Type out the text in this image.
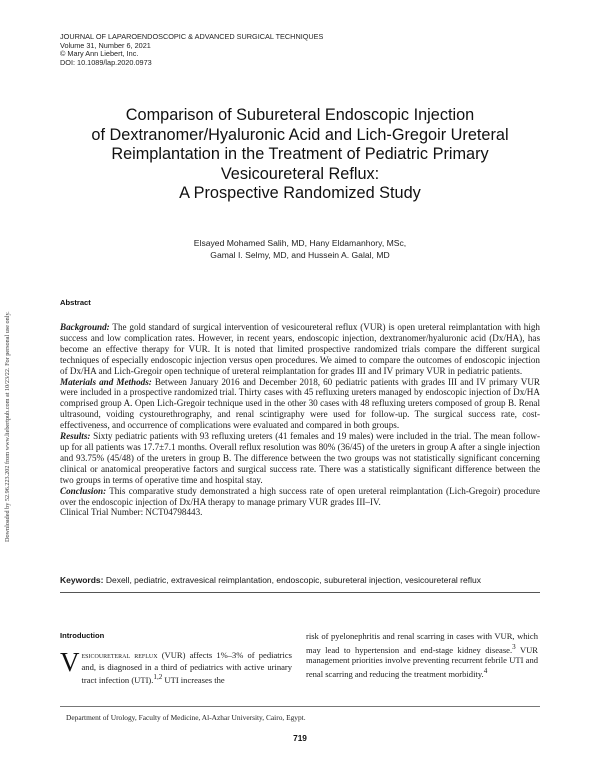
JOURNAL OF LAPAROENDOSCOPIC & ADVANCED SURGICAL TECHNIQUES
Volume 31, Number 6, 2021
© Mary Ann Liebert, Inc.
DOI: 10.1089/lap.2020.0973
Downloaded by 52.96.223.202 from www.liebertpub.com at 10/23/22. For personal use only.
Comparison of Subureteral Endoscopic Injection
of Dextranomer/Hyaluronic Acid and Lich-Gregoir Ureteral
Reimplantation in the Treatment of Pediatric Primary
Vesicoureteral Reflux:
A Prospective Randomized Study
Elsayed Mohamed Salih, MD, Hany Eldamanhory, MSc,
Gamal I. Selmy, MD, and Hussein A. Galal, MD
Abstract

Background: The gold standard of surgical intervention of vesicoureteral reflux (VUR) is open ureteral reimplantation with high success and low complication rates. However, in recent years, endoscopic injection, dextranomer/hyaluronic acid (Dx/HA), has become an effective therapy for VUR. It is noted that limited prospective randomized trials compare the different surgical techniques of especially endoscopic injection versus open procedures. We aimed to compare the outcomes of endoscopic injection of Dx/HA and Lich-Gregoir open technique of ureteral reimplantation for grades III and IV primary VUR in pediatric patients.

Materials and Methods: Between January 2016 and December 2018, 60 pediatric patients with grades III and IV primary VUR were included in a prospective randomized trial. Thirty cases with 45 refluxing ureters managed by endoscopic injection of Dx/HA comprised group A. Open Lich-Gregoir technique used in the other 30 cases with 48 refluxing ureters composed of group B. Renal ultrasound, voiding cystourethrography, and renal scintigraphy were used for follow-up. The surgical success rate, cost-effectiveness, and occurrence of complications were evaluated and compared in both groups.

Results: Sixty pediatric patients with 93 refluxing ureters (41 females and 19 males) were included in the trial. The mean follow-up for all patients was 17.7±7.1 months. Overall reflux resolution was 80% (36/45) of the ureters in group A after a single injection and 93.75% (45/48) of the ureters in group B. The difference between the two groups was not statistically significant concerning clinical or anatomical preoperative factors and surgical success rate. There was a statistically significant difference between the two groups in terms of operative time and hospital stay.

Conclusion: This comparative study demonstrated a high success rate of open ureteral reimplantation (Lich-Gregoir) procedure over the endoscopic injection of Dx/HA therapy to manage primary VUR grades III–IV.

Clinical Trial Number: NCT04798443.

Keywords: Dexell, pediatric, extravesical reimplantation, endoscopic, subureteral injection, vesicoureteral reflux
Introduction
Vesicoureteral reflux (VUR) affects 1%–3% of pediatrics and, is diagnosed in a third of pediatrics with active urinary tract infection (UTI).$^{1,2}$ UTI increases the
risk of pyelonephritis and renal scarring in cases with VUR, which may lead to hypertension and end-stage kidney disease.$^3$ VUR management priorities involve preventing recurrent febrile UTI and renal scarring and reducing the treatment morbidity.$^4$
Department of Urology, Faculty of Medicine, Al-Azhar University, Cairo, Egypt.
719
